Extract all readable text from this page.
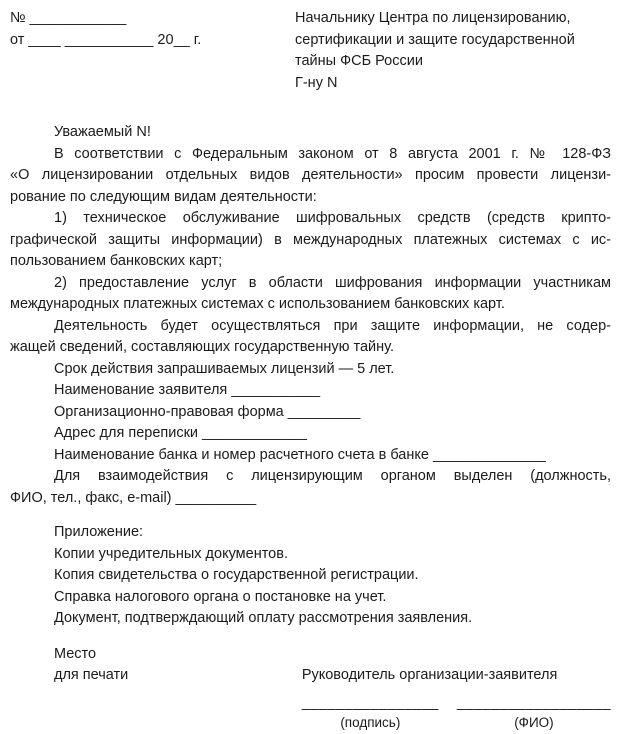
№ ____________
от ____ ___________ 20__ г.
Начальнику Центра по лицензированию,
сертификации и защите государственной
тайны ФСБ России
Г-ну N
Уважаемый N!
В соответствии с Федеральным законом от 8 августа 2001 г. № 128-ФЗ
«О лицензировании отдельных видов деятельности» просим провести лицензи-
рование по следующим видам деятельности:
1) техническое обслуживание шифровальных средств (средств крипто-
графической защиты информации) в международных платежных системах с ис-
пользованием банковских карт;
2) предоставление услуг в области шифрования информации участникам
международных платежных системах с использованием банковских карт.
Деятельность будет осуществляться при защите информации, не содер-
жащей сведений, составляющих государственную тайну.
Срок действия запрашиваемых лицензий — 5 лет.
Наименование заявителя ___________
Организационно-правовая форма _________
Адрес для переписки _____________
Наименование банка и номер расчетного счета в банке ______________
Для взаимодействия с лицензирующим органом выделен (должность,
ФИО, тел., факс, e-mail) __________
Приложение:
Копии учредительных документов.
Копия свидетельства о государственной регистрации.
Справка налогового органа о постановке на учет.
Документ, подтверждающий оплату рассмотрения заявления.
Место
для печати	Руководитель организации-заявителя
________________
(подпись)
__________________
(ФИО)
